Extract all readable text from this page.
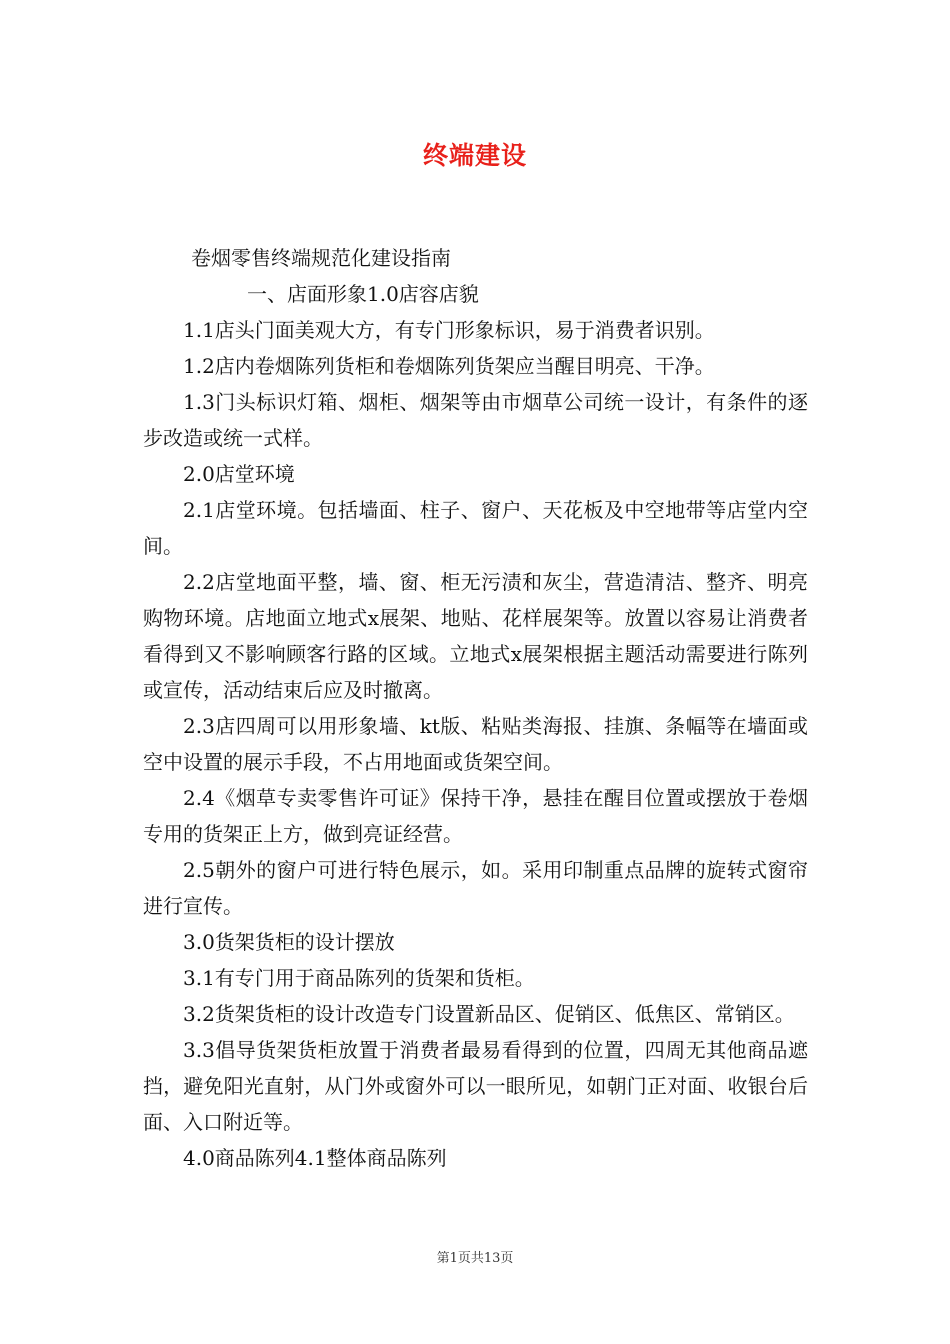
终端建设

卷烟零售终端规范化建设指南

一、店面形象1.0店容店貌

1.1店头门面美观大方，有专门形象标识，易于消费者识别。

1.2店内卷烟陈列货柜和卷烟陈列货架应当醒目明亮、干净。

1.3门头标识灯箱、烟柜、烟架等由市烟草公司统一设计，有条件的逐步改造或统一式样。

2.0店堂环境

2.1店堂环境。包括墙面、柱子、窗户、天花板及中空地带等店堂内空间。

2.2店堂地面平整，墙、窗、柜无污渍和灰尘，营造清洁、整齐、明亮购物环境。店地面立地式x展架、地贴、花样展架等。放置以容易让消费者看得到又不影响顾客行路的区域。立地式x展架根据主题活动需要进行陈列或宣传，活动结束后应及时撤离。

2.3店四周可以用形象墙、kt版、粘贴类海报、挂旗、条幅等在墙面或空中设置的展示手段，不占用地面或货架空间。

2.4《烟草专卖零售许可证》保持干净，悬挂在醒目位置或摆放于卷烟专用的货架正上方，做到亮证经营。

2.5朝外的窗户可进行特色展示，如。采用印制重点品牌的旋转式窗帘进行宣传。

3.0货架货柜的设计摆放

3.1有专门用于商品陈列的货架和货柜。

3.2货架货柜的设计改造专门设置新品区、促销区、低焦区、常销区。

3.3倡导货架货柜放置于消费者最易看得到的位置，四周无其他商品遮挡，避免阳光直射，从门外或窗外可以一眼所见，如朝门正对面、收银台后面、入口附近等。

4.0商品陈列4.1整体商品陈列

第1页共13页
